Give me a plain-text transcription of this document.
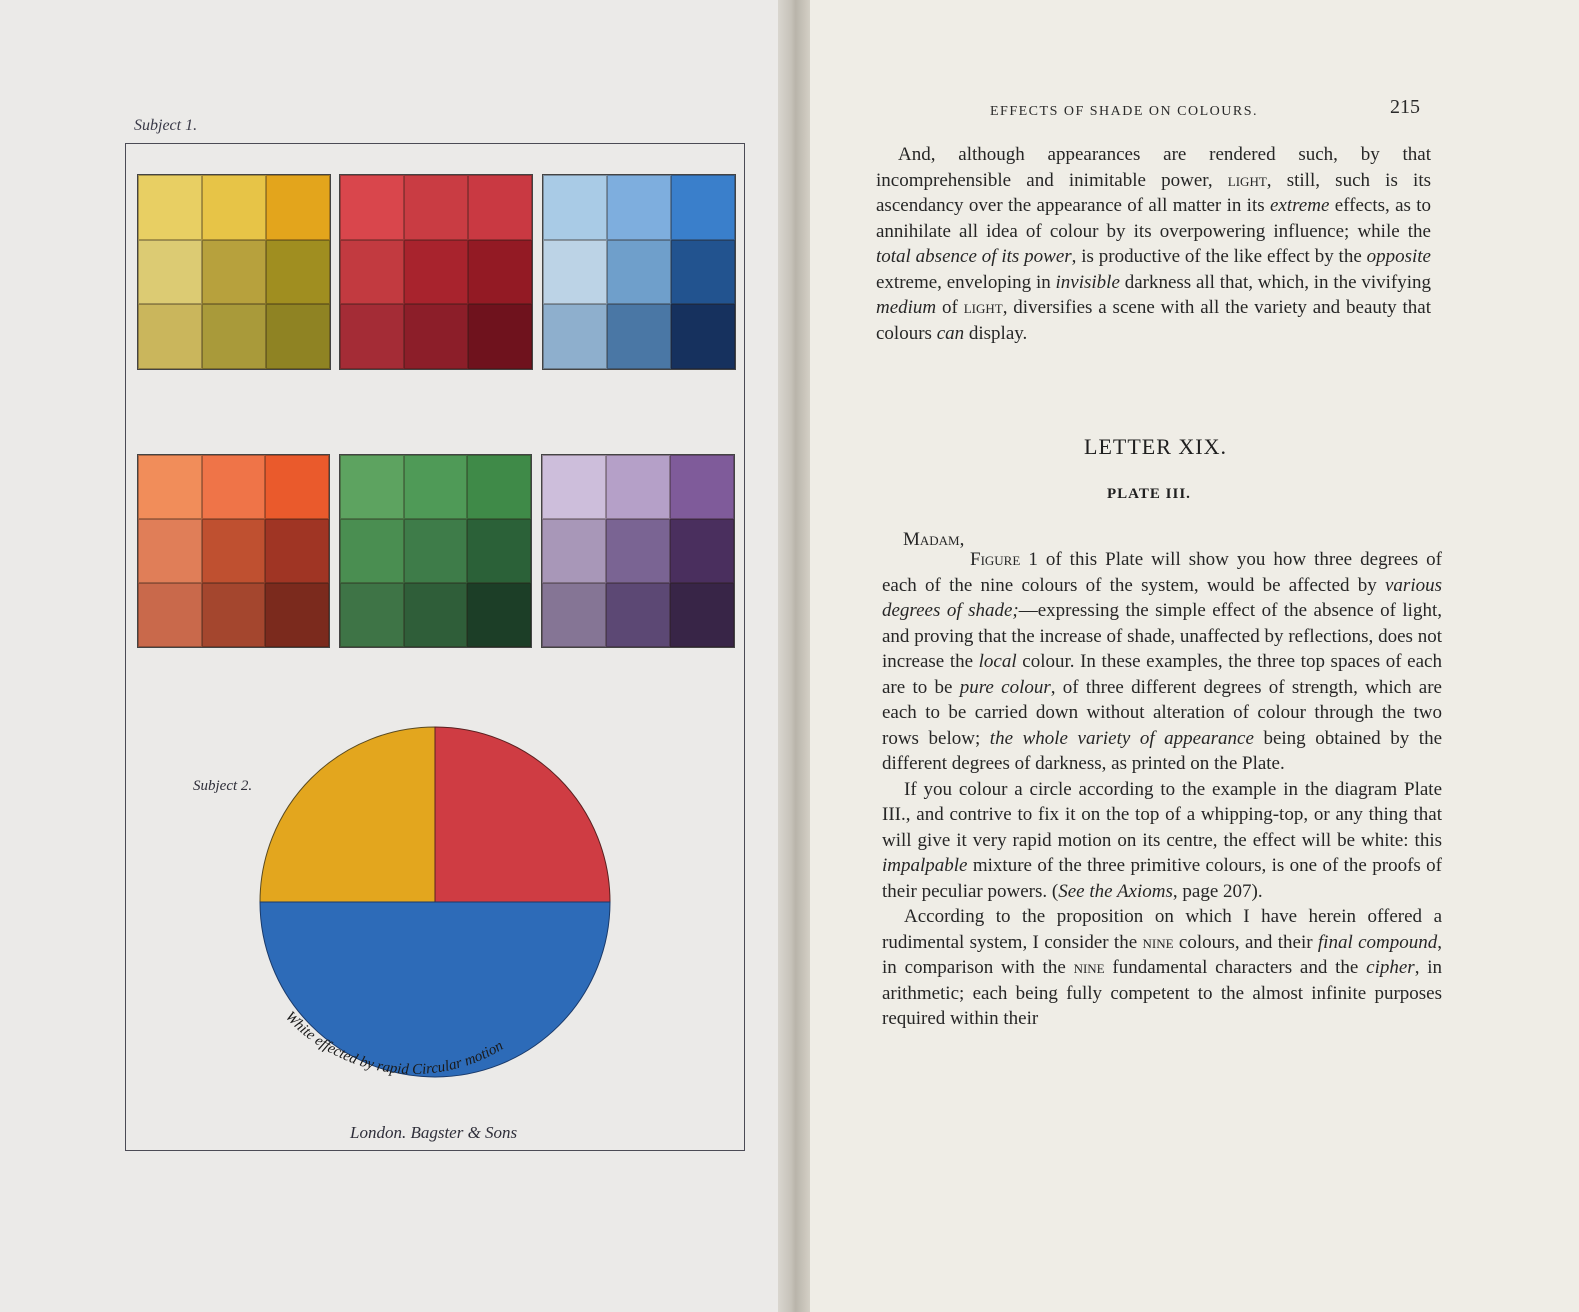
Subject 1.
Subject 2.
White effected by rapid Circular motion
London. Bagster & Sons
EFFECTS OF SHADE ON COLOURS.	215

And, although appearances are rendered such, by that incomprehensible and inimitable power, light, still, such is its ascendancy over the appearance of all matter in its extreme effects, as to annihilate all idea of colour by its overpowering influence; while the total absence of its power, is productive of the like effect by the opposite extreme, enveloping in invisible darkness all that, which, in the vivifying medium of light, diversifies a scene with all the variety and beauty that colours can display.

LETTER XIX.
PLATE III.
Madam,

Figure 1 of this Plate will show you how three degrees of each of the nine colours of the system, would be affected by various degrees of shade;—expressing the simple effect of the absence of light, and proving that the increase of shade, unaffected by reflections, does not increase the local colour. In these examples, the three top spaces of each are to be pure colour, of three different degrees of strength, which are each to be carried down without alteration of colour through the two rows below; the whole variety of appearance being obtained by the different degrees of darkness, as printed on the Plate.

If you colour a circle according to the example in the diagram Plate III., and contrive to fix it on the top of a whipping-top, or any thing that will give it very rapid motion on its centre, the effect will be white: this impalpable mixture of the three primitive colours, is one of the proofs of their peculiar powers. (See the Axioms, page 207).

According to the proposition on which I have herein offered a rudimental system, I consider the nine colours, and their final compound, in comparison with the nine fundamental characters and the cipher, in arithmetic; each being fully competent to the almost infinite purposes required within their
